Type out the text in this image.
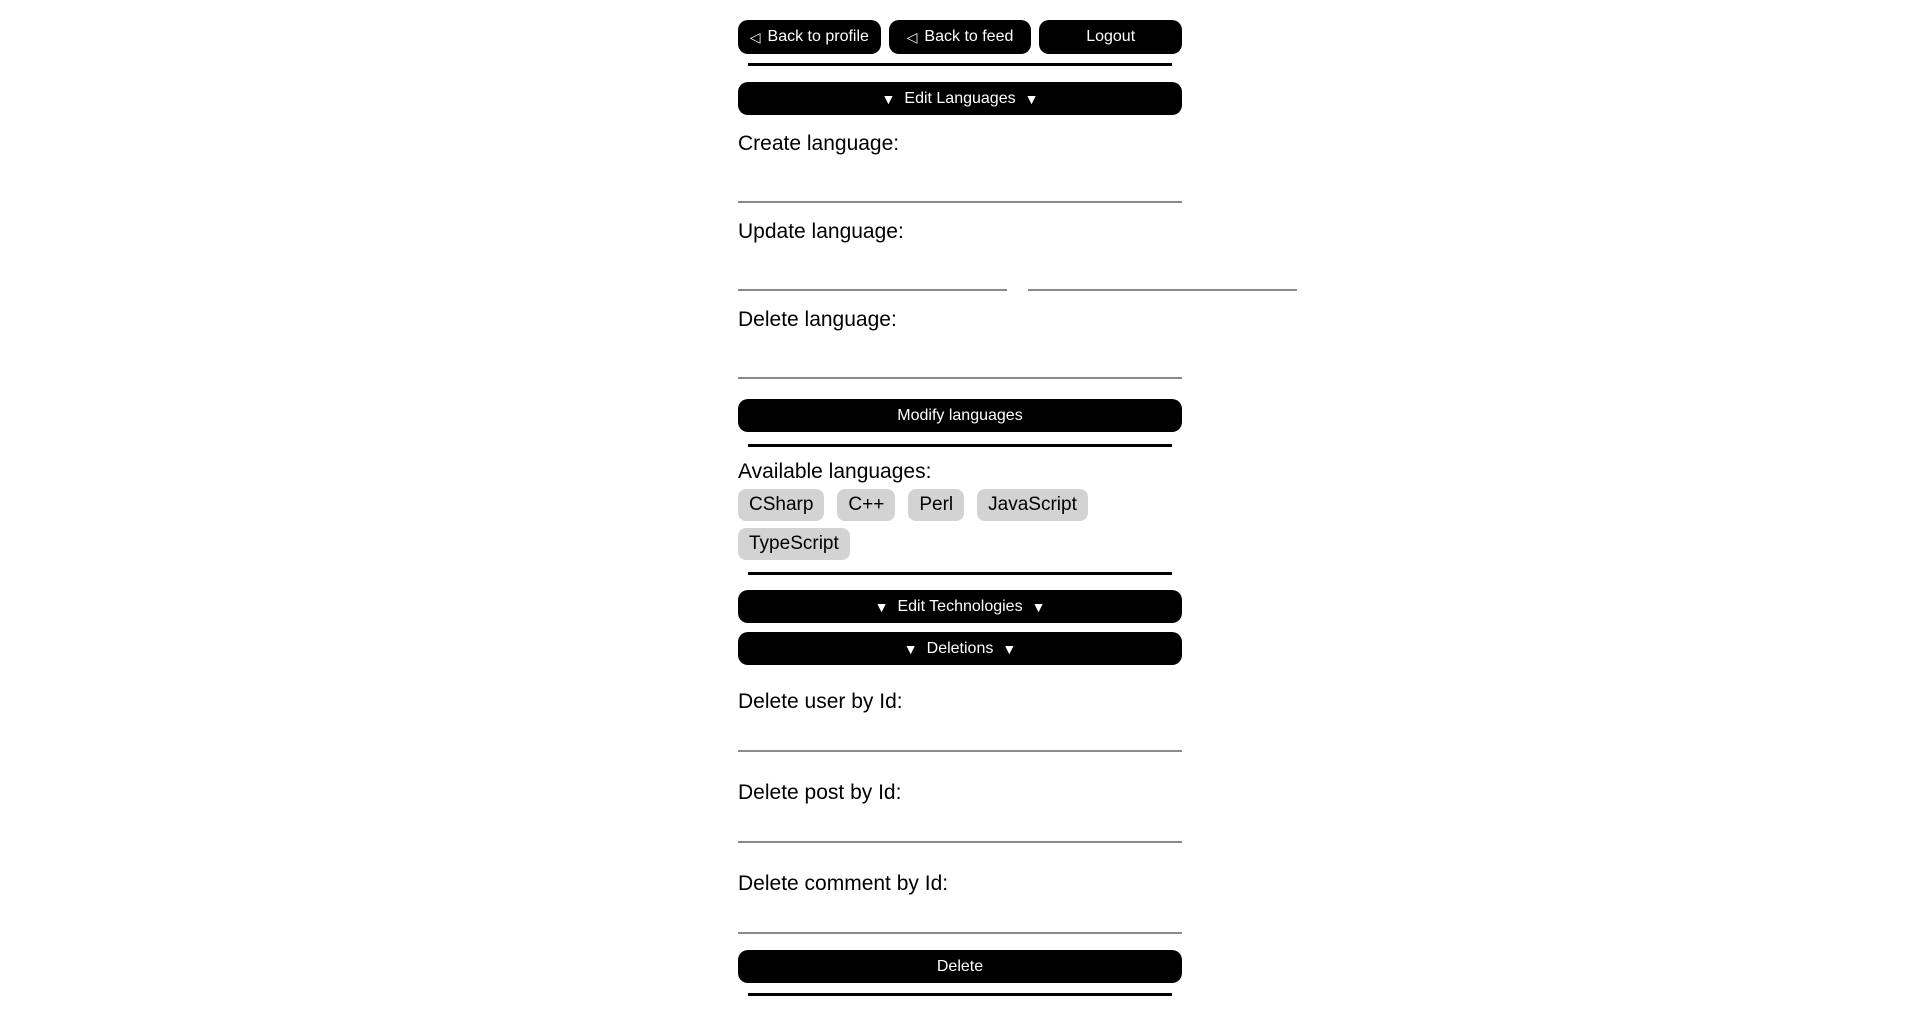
◁ Back to profile	◁ Back to feed	Logout
▼ Edit Languages ▼
Create language:
Update language:
Delete language:
Modify languages
Available languages:
CSharp	C++	Perl	JavaScript
TypeScript
▼ Edit Technologies ▼

▼ Deletions ▼
Delete user by Id:
Delete post by Id:
Delete comment by Id:
Delete
